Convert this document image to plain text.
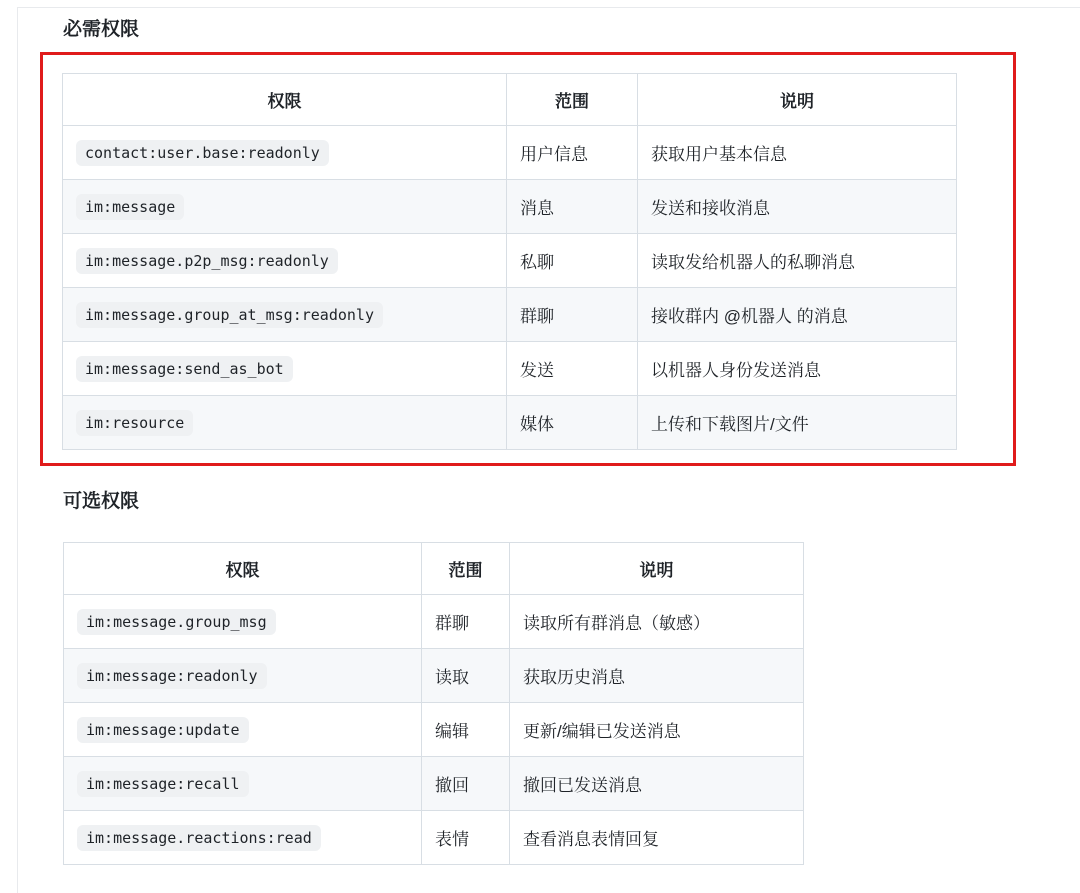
必需权限
权限	范围	说明
contact:user.base:readonly	用户信息	获取用户基本信息
im:message	消息	发送和接收消息
im:message.p2p_msg:readonly	私聊	读取发给机器人的私聊消息
im:message.group_at_msg:readonly	群聊	接收群内 @机器人 的消息
im:message:send_as_bot	发送	以机器人身份发送消息
im:resource	媒体	上传和下载图片/文件
可选权限
权限	范围	说明
im:message.group_msg	群聊	读取所有群消息（敏感）
im:message:readonly	读取	获取历史消息
im:message:update	编辑	更新/编辑已发送消息
im:message:recall	撤回	撤回已发送消息
im:message.reactions:read	表情	查看消息表情回复
